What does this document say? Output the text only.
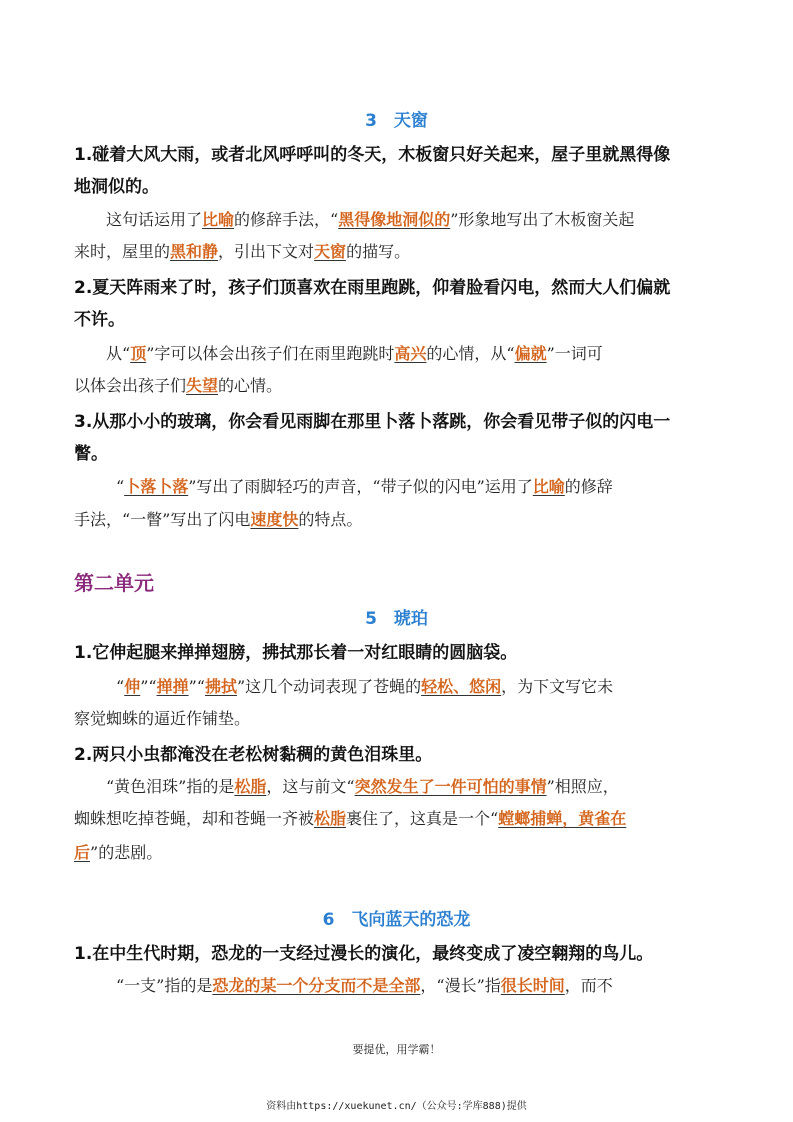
3　天窗
1.碰着大风大雨，或者北风呼呼叫的冬天，木板窗只好关起来，屋子里就黑得像
地洞似的。
这句话运用了比喻的修辞手法，“黑得像地洞似的”形象地写出了木板窗关起
来时，屋里的黑和静，引出下文对天窗的描写。
2.夏天阵雨来了时，孩子们顶喜欢在雨里跑跳，仰着脸看闪电，然而大人们偏就
不许。
从“顶”字可以体会出孩子们在雨里跑跳时高兴的心情，从“偏就”一词可
以体会出孩子们失望的心情。
3.从那小小的玻璃，你会看见雨脚在那里卜落卜落跳，你会看见带子似的闪电一
瞥。
“卜落卜落”写出了雨脚轻巧的声音，“带子似的闪电”运用了比喻的修辞
手法，“一瞥”写出了闪电速度快的特点。
第二单元
5　琥珀
1.它伸起腿来掸掸翅膀，拂拭那长着一对红眼睛的圆脑袋。
“伸”“掸掸”“拂拭”这几个动词表现了苍蝇的轻松、悠闲，为下文写它未
察觉蜘蛛的逼近作铺垫。
2.两只小虫都淹没在老松树黏稠的黄色泪珠里。
“黄色泪珠”指的是松脂，这与前文“突然发生了一件可怕的事情”相照应，
蜘蛛想吃掉苍蝇，却和苍蝇一齐被松脂裹住了，这真是一个“螳螂捕蝉，黄雀在
后”的悲剧。
6　飞向蓝天的恐龙
1.在中生代时期，恐龙的一支经过漫长的演化，最终变成了凌空翱翔的鸟儿。
“一支”指的是恐龙的某一个分支而不是全部，“漫长”指很长时间，而不
要提优，用学霸！
资料由https://xuekunet.cn/（公众号:学库888)提供
